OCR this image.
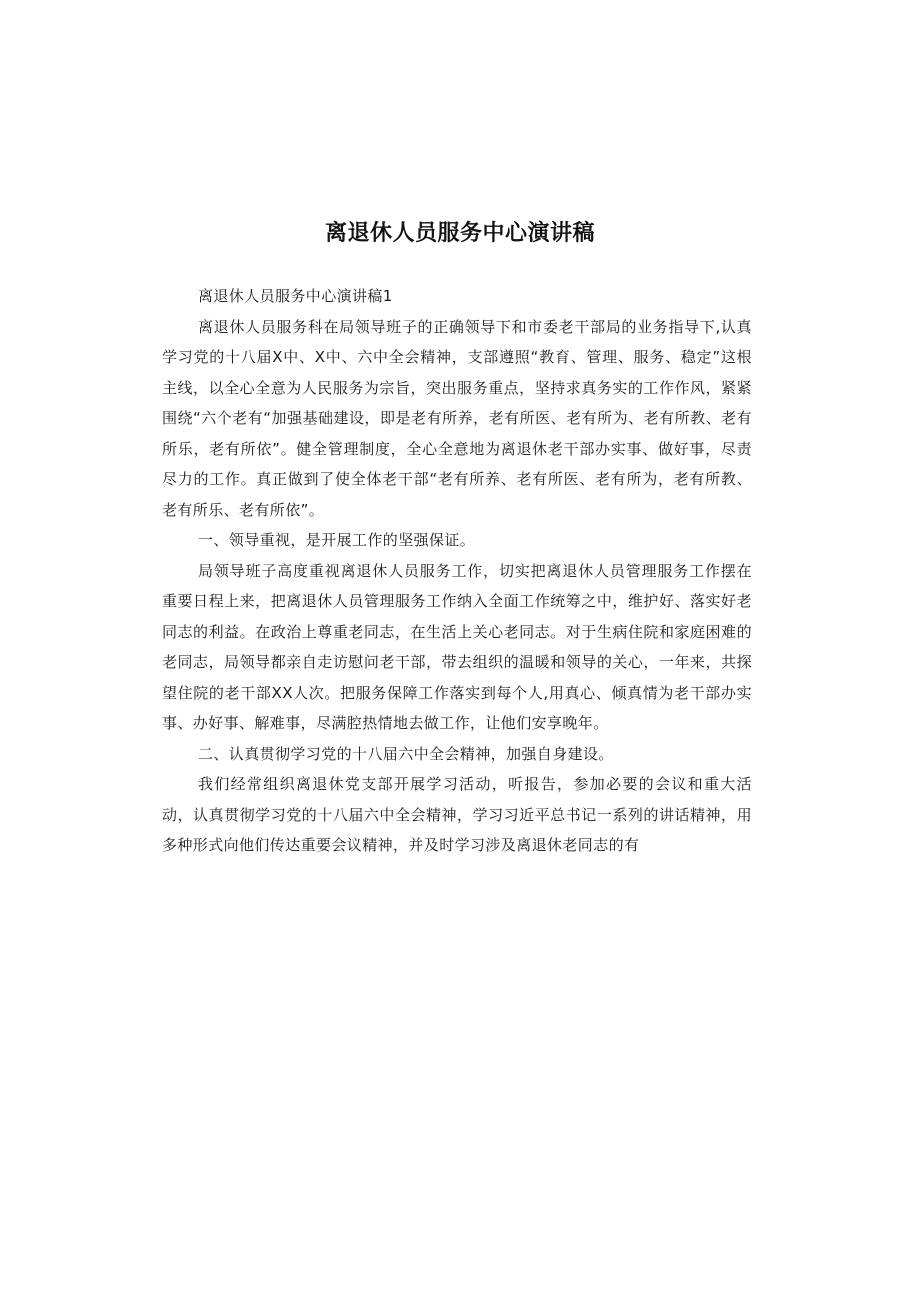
离退休人员服务中心演讲稿

离退休人员服务中心演讲稿1

离退休人员服务科在局领导班子的正确领导下和市委老干部局的业务指导下,认真学习党的十八届X中、X中、六中全会精神，支部遵照“教育、管理、服务、稳定”这根主线，以全心全意为人民服务为宗旨，突出服务重点，坚持求真务实的工作作风，紧紧围绕“六个老有“加强基础建设，即是老有所养，老有所医、老有所为、老有所教、老有所乐，老有所依”。健全管理制度，全心全意地为离退休老干部办实事、做好事，尽责尽力的工作。真正做到了使全体老干部“老有所养、老有所医、老有所为，老有所教、老有所乐、老有所依”。

一、领导重视，是开展工作的坚强保证。

局领导班子高度重视离退休人员服务工作，切实把离退休人员管理服务工作摆在重要日程上来，把离退休人员管理服务工作纳入全面工作统筹之中，维护好、落实好老同志的利益。在政治上尊重老同志，在生活上关心老同志。对于生病住院和家庭困难的老同志，局领导都亲自走访慰问老干部，带去组织的温暖和领导的关心，一年来，共探望住院的老干部XX人次。把服务保障工作落实到每个人,用真心、倾真情为老干部办实事、办好事、解难事，尽满腔热情地去做工作，让他们安享晚年。

二、认真贯彻学习党的十八届六中全会精神，加强自身建设。

我们经常组织离退休党支部开展学习活动，听报告，参加必要的会议和重大活动，认真贯彻学习党的十八届六中全会精神，学习习近平总书记一系列的讲话精神，用多种形式向他们传达重要会议精神，并及时学习涉及离退休老同志的有
